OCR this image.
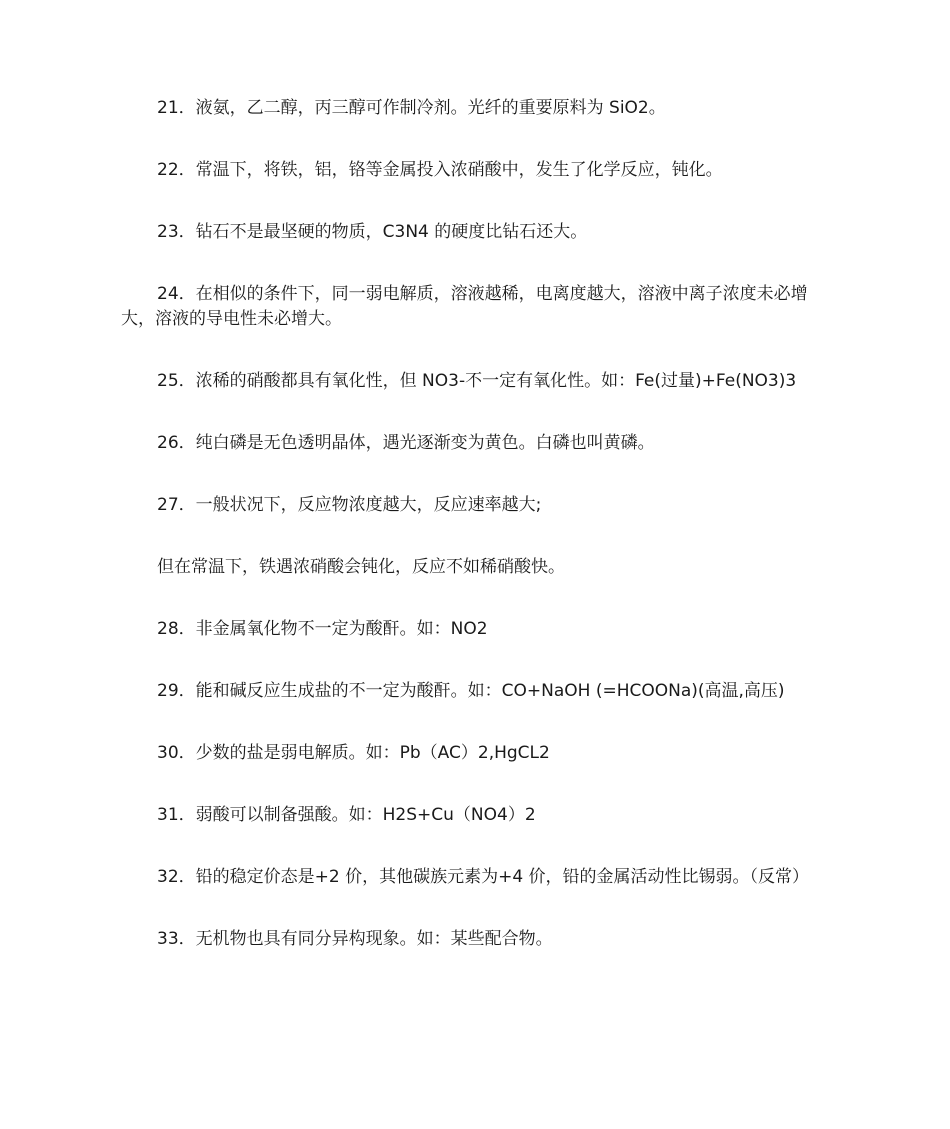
21．液氨，乙二醇，丙三醇可作制冷剂。光纤的重要原料为 SiO2。

22．常温下，将铁，铝，铬等金属投入浓硝酸中，发生了化学反应，钝化。

23．钻石不是最坚硬的物质，C3N4 的硬度比钻石还大。

24．在相似的条件下，同一弱电解质，溶液越稀，电离度越大，溶液中离子浓度未必增大，溶液的导电性未必增大。

25．浓稀的硝酸都具有氧化性，但 NO3-不一定有氧化性。如：Fe(过量)+Fe(NO3)3

26．纯白磷是无色透明晶体，遇光逐渐变为黄色。白磷也叫黄磷。

27．一般状况下，反应物浓度越大，反应速率越大;

但在常温下，铁遇浓硝酸会钝化，反应不如稀硝酸快。

28．非金属氧化物不一定为酸酐。如：NO2

29．能和碱反应生成盐的不一定为酸酐。如：CO+NaOH (=HCOONa)(高温,高压)

30．少数的盐是弱电解质。如：Pb（AC）2,HgCL2

31．弱酸可以制备强酸。如：H2S+Cu（NO4）2

32．铅的稳定价态是+2 价，其他碳族元素为+4 价，铅的金属活动性比锡弱。（反常）

33．无机物也具有同分异构现象。如：某些配合物。
